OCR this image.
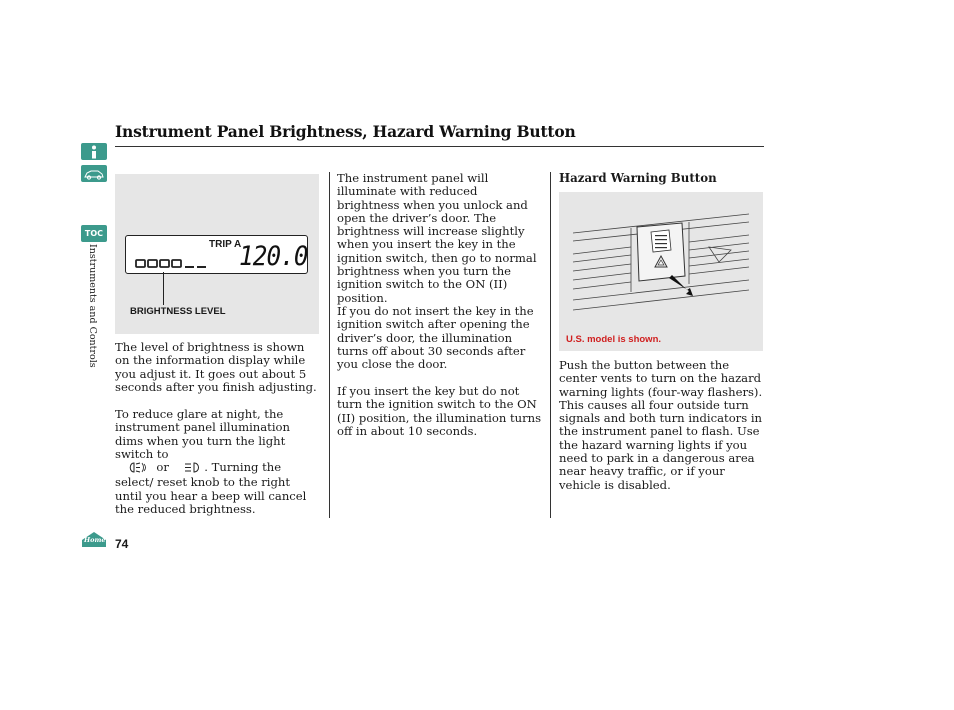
Instrument Panel Brightness, Hazard Warning Button
TOC
Instruments and Controls	TRIP A
120.0
BRIGHTNESS LEVEL
The level of brightness is shown on the information display while you adjust it. It goes out about 5 seconds after you finish adjusting.
To reduce glare at night, the instrument panel illumination dims when you turn the light switch to
or	. Turning the select/ reset knob to the right until you hear a beep will cancel the reduced brightness.
The instrument panel will illuminate with reduced brightness when you unlock and open the driver’s door. The brightness will increase slightly when you insert the key in the ignition switch, then go to normal brightness when you turn the ignition switch to the ON (II) position.
If you do not insert the key in the ignition switch after opening the driver’s door, the illumination turns off about 30 seconds after you close the door.
If you insert the key but do not turn the ignition switch to the ON (II) position, the illumination turns off in about 10 seconds.
Hazard Warning Button
U.S. model is shown.
Push the button between the center vents to turn on the hazard warning lights (four-way flashers). This causes all four outside turn signals and both turn indicators in the instrument panel to flash. Use the hazard warning lights if you need to park in a dangerous area near heavy traffic, or if your vehicle is disabled.
Home 74
